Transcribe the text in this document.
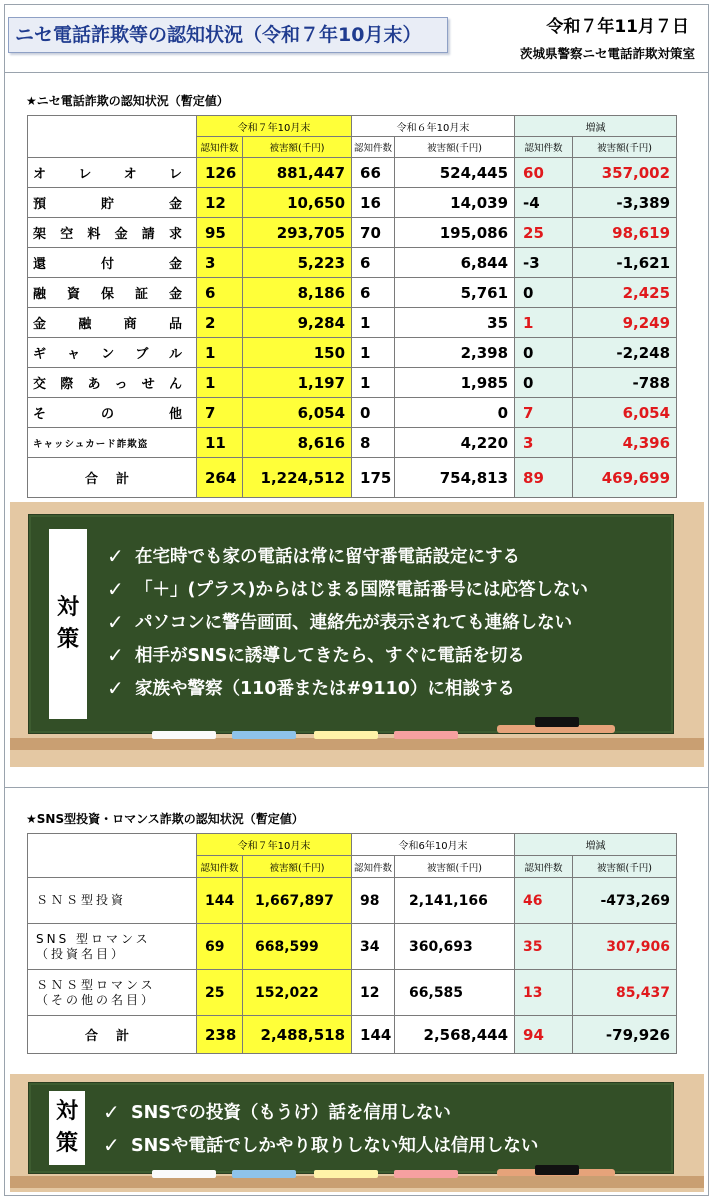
ニセ電話詐欺等の認知状況（令和７年10月末）	令和７年11月７日
茨城県警察ニセ電話詐欺対策室
★ニセ電話詐欺の認知状況（暫定値）
	令和７年10月末		令和６年10月末		増減	
	認知件数	被害額(千円)	認知件数	被害額(千円)	認知件数	被害額(千円)
オレオレ	126	881,447	66	524,445	60	357,002
預貯金	12	10,650	16	14,039	-4	-3,389
架空料金請求	95	293,705	70	195,086	25	98,619
還付金	3	5,223	6	6,844	-3	-1,621
融資保証金	6	8,186	6	5,761	0	2,425
金融商品	2	9,284	1	35	1	9,249
ギャンブル	1	150	1	2,398	0	-2,248
交際あっせん	1	1,197	1	1,985	0	-788
その他	7	6,054	0	0	7	6,054
キャッシュカード詐欺盗	11	8,616	8	4,220	3	4,396
合計	264	1,224,512	175	754,813	89	469,699
対
策
✓ 在宅時でも家の電話は常に留守番電話設定にする
✓ 「＋」(プラス)からはじまる国際電話番号には応答しない
✓ パソコンに警告画面、連絡先が表示されても連絡しない
✓ 相手がSNSに誘導してきたら、すぐに電話を切る
✓ 家族や警察（110番または#9110）に相談する
★SNS型投資・ロマンス詐欺の認知状況（暫定値）
	令和７年10月末		令和6年10月末		増減	
	認知件数	被害額(千円)	認知件数	被害額(千円)	認知件数	被害額(千円)

ＳＮＳ型投資	144	1,667,897	98	2,141,166	46	-473,269

SNS 型ロマンス
（投資名目）	69	668,599	34	360,693	35	307,906

ＳＮＳ型ロマンス
（その他の名目）	25	152,022	12	66,585	13	85,437
合計	238	2,488,518	144	2,568,444	94	-79,926
対
策
✓ SNSでの投資（もうけ）話を信用しない
✓ SNSや電話でしかやり取りしない知人は信用しない
